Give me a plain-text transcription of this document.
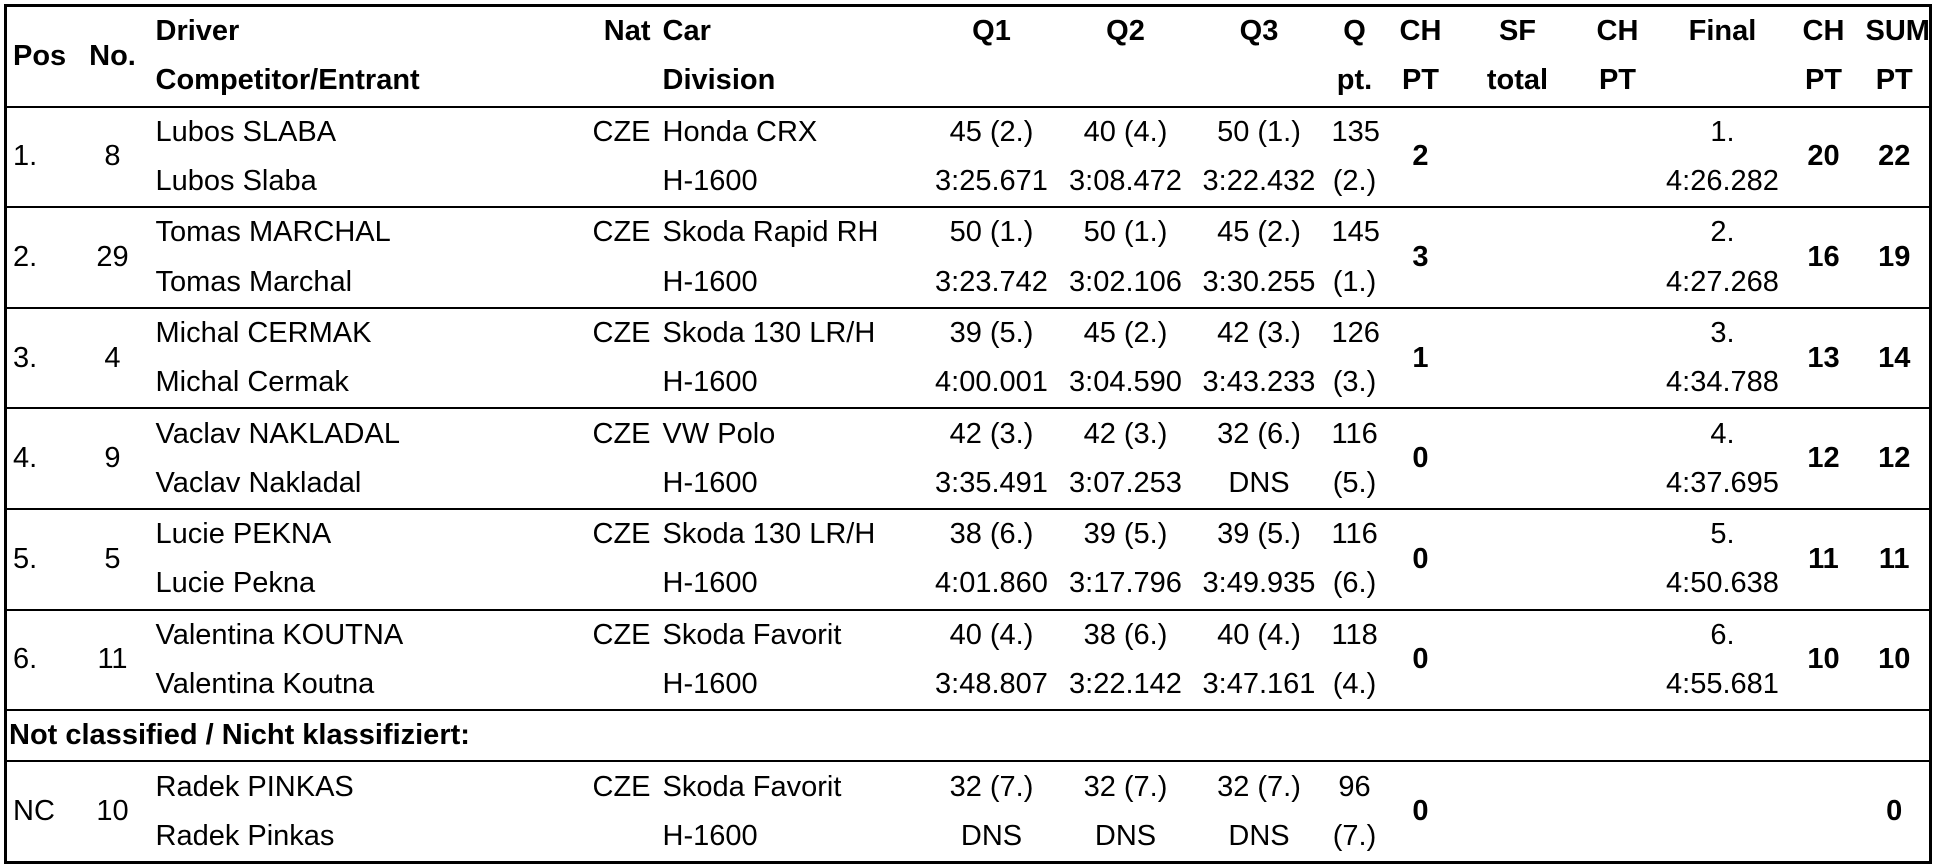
Pos	No.	Driver	Nat	Car	Q1	Q2	Q3	Q	CH	SF	CH	Final	CH	SUM
		Competitor/Entrant		Division				pt.	PT	total	PT		PT	PT
1.	8	Lubos SLABA	CZE	Honda CRX	45 (2.)	40 (4.)	50 (1.)	135	2			1.	20	22
		Lubos Slaba		H-1600	3:25.671	3:08.472	3:22.432	(2.)				4:26.282		
2.	29	Tomas MARCHAL	CZE	Skoda Rapid RH	50 (1.)	50 (1.)	45 (2.)	145	3			2.	16	19
		Tomas Marchal		H-1600	3:23.742	3:02.106	3:30.255	(1.)				4:27.268		
3.	4	Michal CERMAK	CZE	Skoda 130 LR/H	39 (5.)	45 (2.)	42 (3.)	126	1			3.	13	14
		Michal Cermak		H-1600	4:00.001	3:04.590	3:43.233	(3.)				4:34.788		
4.	9	Vaclav NAKLADAL	CZE	VW Polo	42 (3.)	42 (3.)	32 (6.)	116	0			4.	12	12
		Vaclav Nakladal		H-1600	3:35.491	3:07.253	DNS	(5.)				4:37.695		
5.	5	Lucie PEKNA	CZE	Skoda 130 LR/H	38 (6.)	39 (5.)	39 (5.)	116	0			5.	11	11
		Lucie Pekna		H-1600	4:01.860	3:17.796	3:49.935	(6.)				4:50.638		
6.	11	Valentina KOUTNA	CZE	Skoda Favorit	40 (4.)	38 (6.)	40 (4.)	118	0			6.	10	10
		Valentina Koutna		H-1600	3:48.807	3:22.142	3:47.161	(4.)				4:55.681		
Not classified / Nicht klassifiziert:														
NC	10	Radek PINKAS	CZE	Skoda Favorit	32 (7.)	32 (7.)	32 (7.)	96	0					0
		Radek Pinkas		H-1600	DNS	DNS	DNS	(7.)						
